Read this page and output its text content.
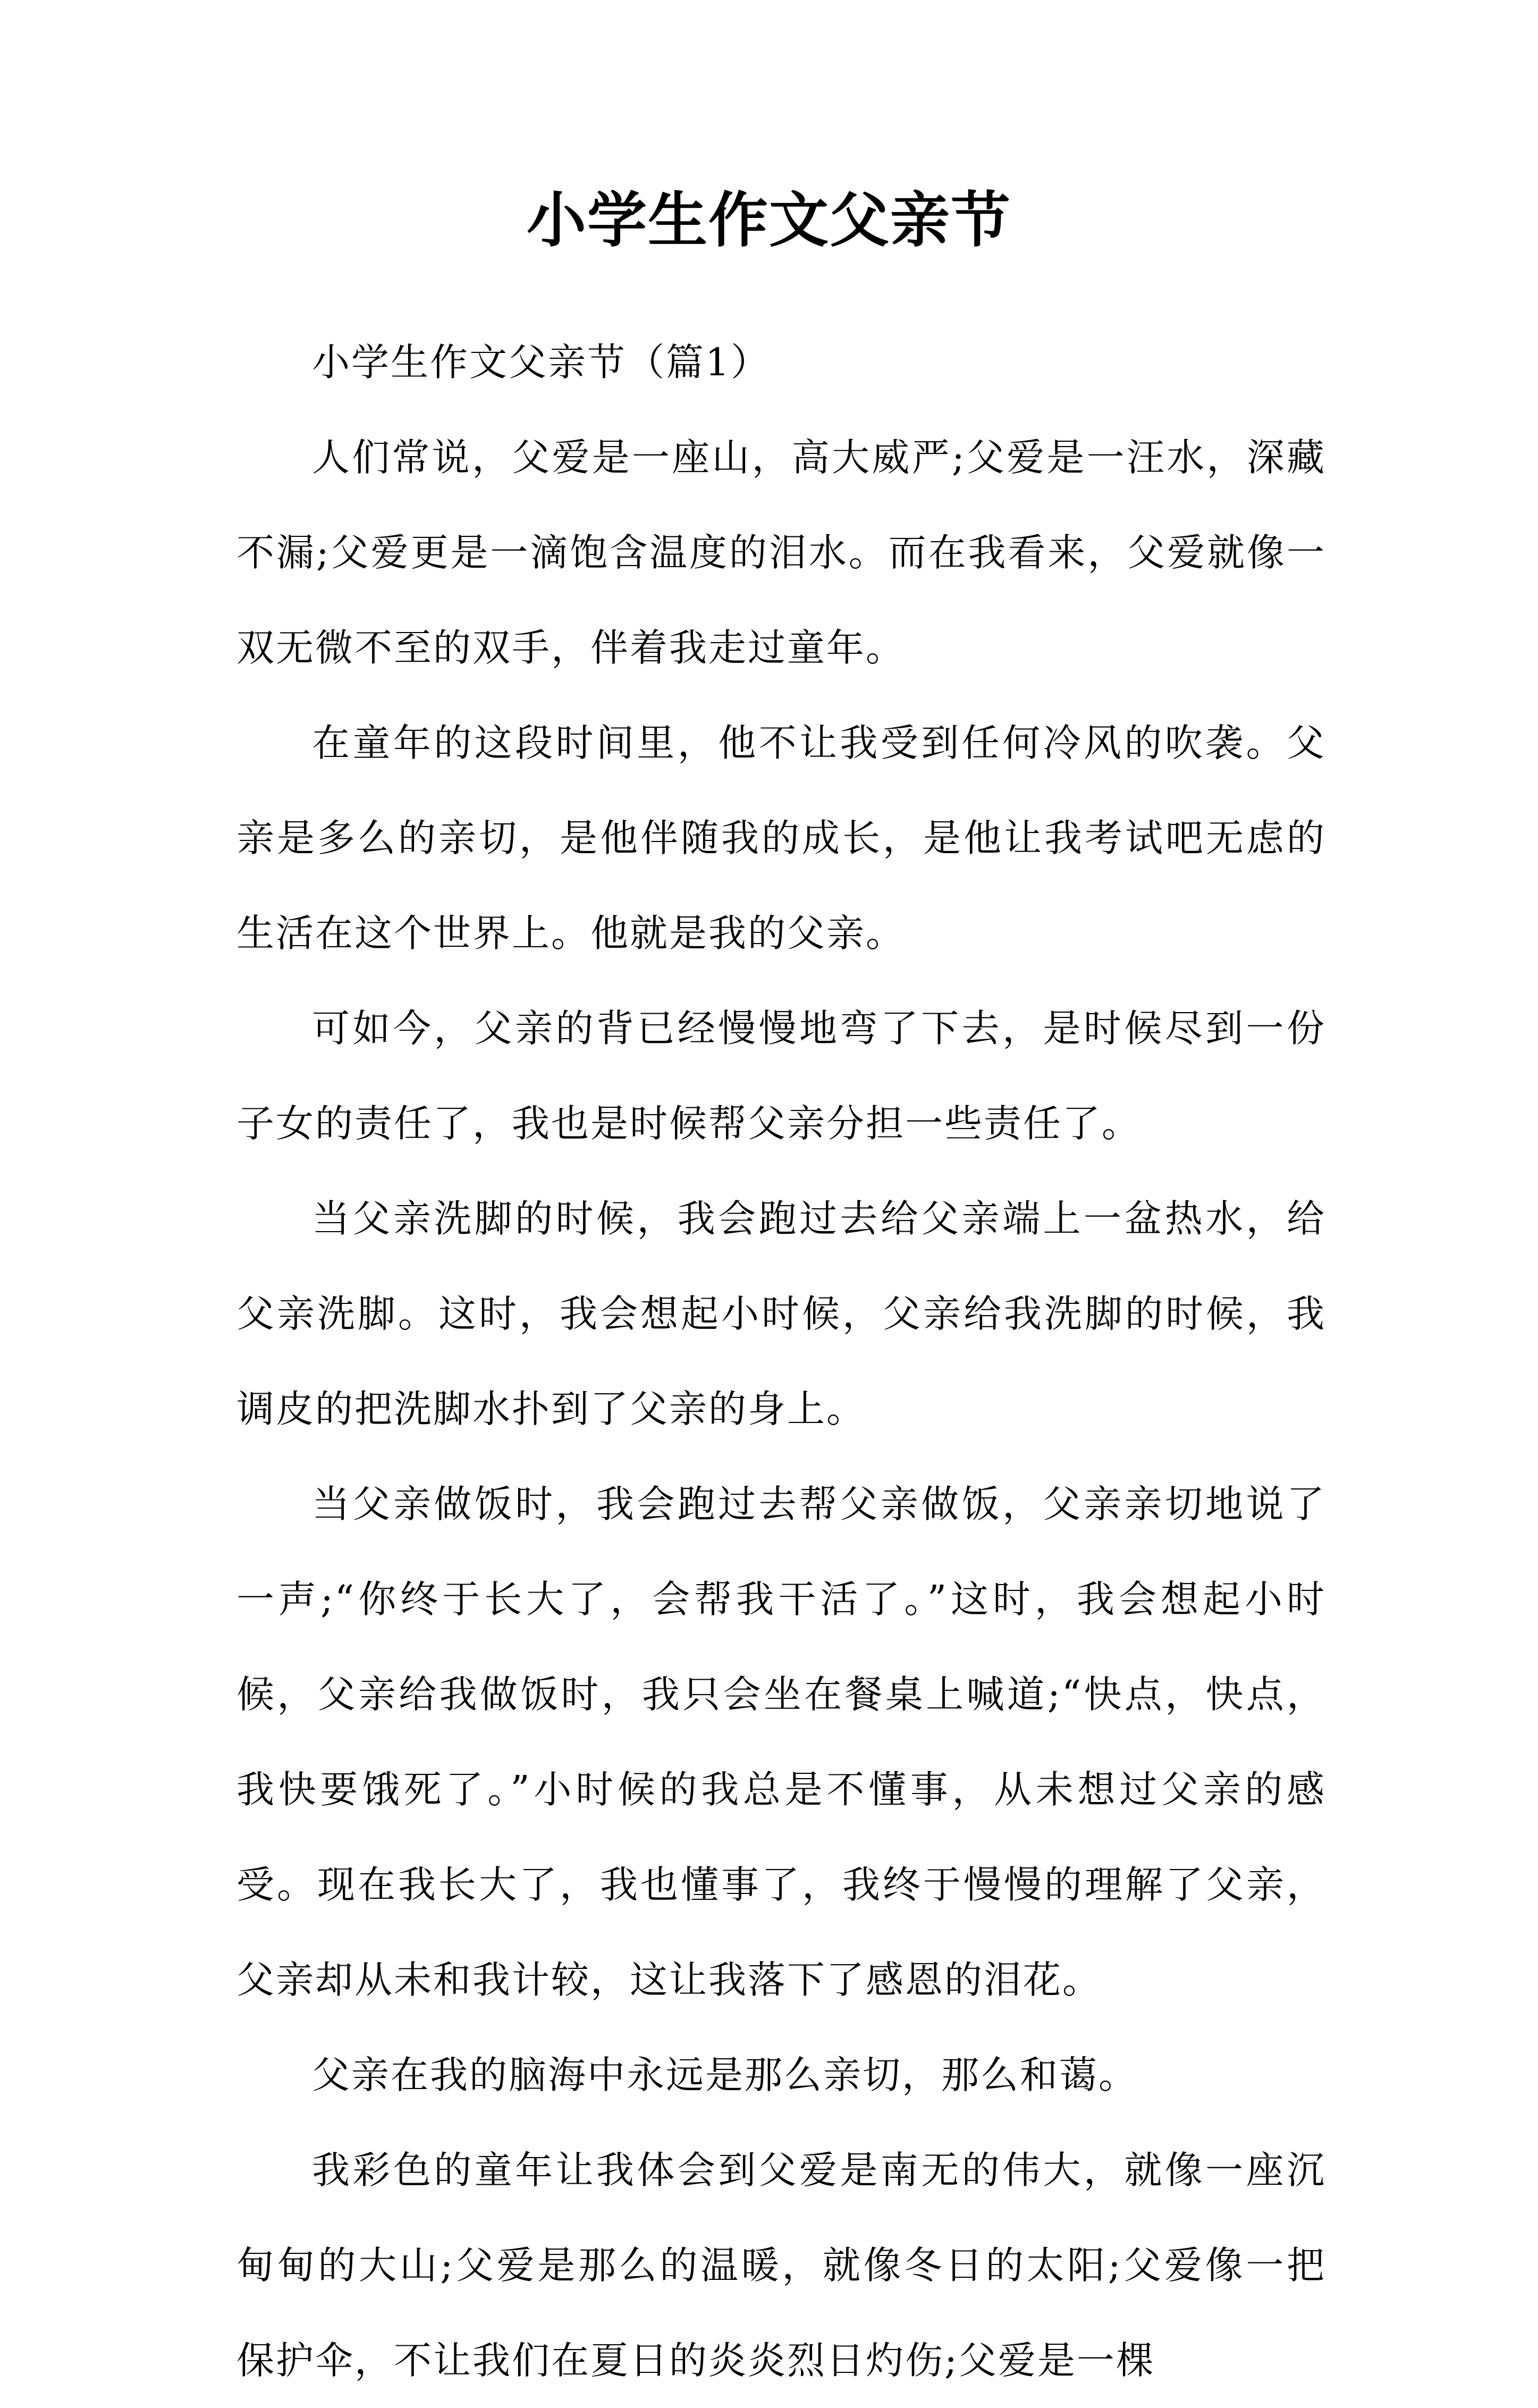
小学生作文父亲节

小学生作文父亲节（篇1）

人们常说，父爱是一座山，高大威严;父爱是一汪水，深藏不漏;父爱更是一滴饱含温度的泪水。而在我看来，父爱就像一双无微不至的双手，伴着我走过童年。

在童年的这段时间里，他不让我受到任何冷风的吹袭。父亲是多么的亲切，是他伴随我的成长，是他让我考试吧无虑的生活在这个世界上。他就是我的父亲。

可如今，父亲的背已经慢慢地弯了下去，是时候尽到一份子女的责任了，我也是时候帮父亲分担一些责任了。

当父亲洗脚的时候，我会跑过去给父亲端上一盆热水，给父亲洗脚。这时，我会想起小时候，父亲给我洗脚的时候，我调皮的把洗脚水扑到了父亲的身上。

当父亲做饭时，我会跑过去帮父亲做饭，父亲亲切地说了一声;“你终于长大了，会帮我干活了。”这时，我会想起小时候，父亲给我做饭时，我只会坐在餐桌上喊道;“快点，快点，我快要饿死了。”小时候的我总是不懂事，从未想过父亲的感受。现在我长大了，我也懂事了，我终于慢慢的理解了父亲，父亲却从未和我计较，这让我落下了感恩的泪花。

父亲在我的脑海中永远是那么亲切，那么和蔼。

我彩色的童年让我体会到父爱是南无的伟大，就像一座沉甸甸的大山;父爱是那么的温暖，就像冬日的太阳;父爱像一把保护伞，不让我们在夏日的炎炎烈日灼伤;父爱是一棵
